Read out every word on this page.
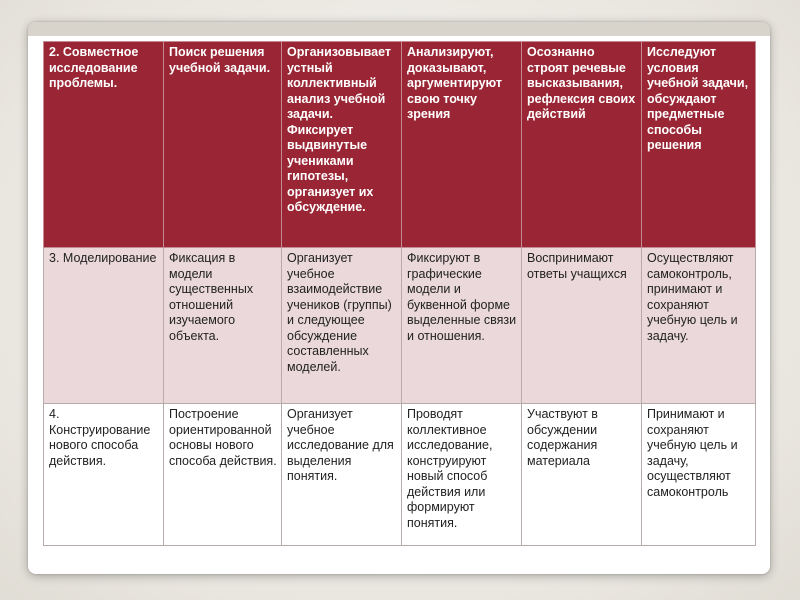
2. Совместное исследование проблемы.	Поиск решения учебной задачи.	Организовывает устный коллективный анализ учебной задачи. Фиксирует выдвинутые учениками гипотезы, организует их обсуждение.	Анализируют, доказывают, аргументируют свою точку зрения	Осознанно строят речевые высказывания, рефлексия своих действий	Исследуют условия учебной задачи, обсуждают предметные способы решения
3. Моделирование	Фиксация в модели существенных отношений изучаемого объекта.	Организует учебное взаимодействие учеников (группы) и следующее обсуждение составленных моделей.	Фиксируют в графические модели и буквенной форме выделенные связи и отношения.	Воспринимают ответы учащихся	Осуществляют самоконтроль, принимают и сохраняют учебную цель и задачу.
4. Конструирование нового способа действия.	Построение ориентированной основы нового способа действия.	Организует учебное исследование для выделения понятия.	Проводят коллективное исследование, конструируют новый способ действия или формируют понятия.	Участвуют в обсуждении содержания материала	Принимают и сохраняют учебную цель и задачу, осуществляют самоконтроль
